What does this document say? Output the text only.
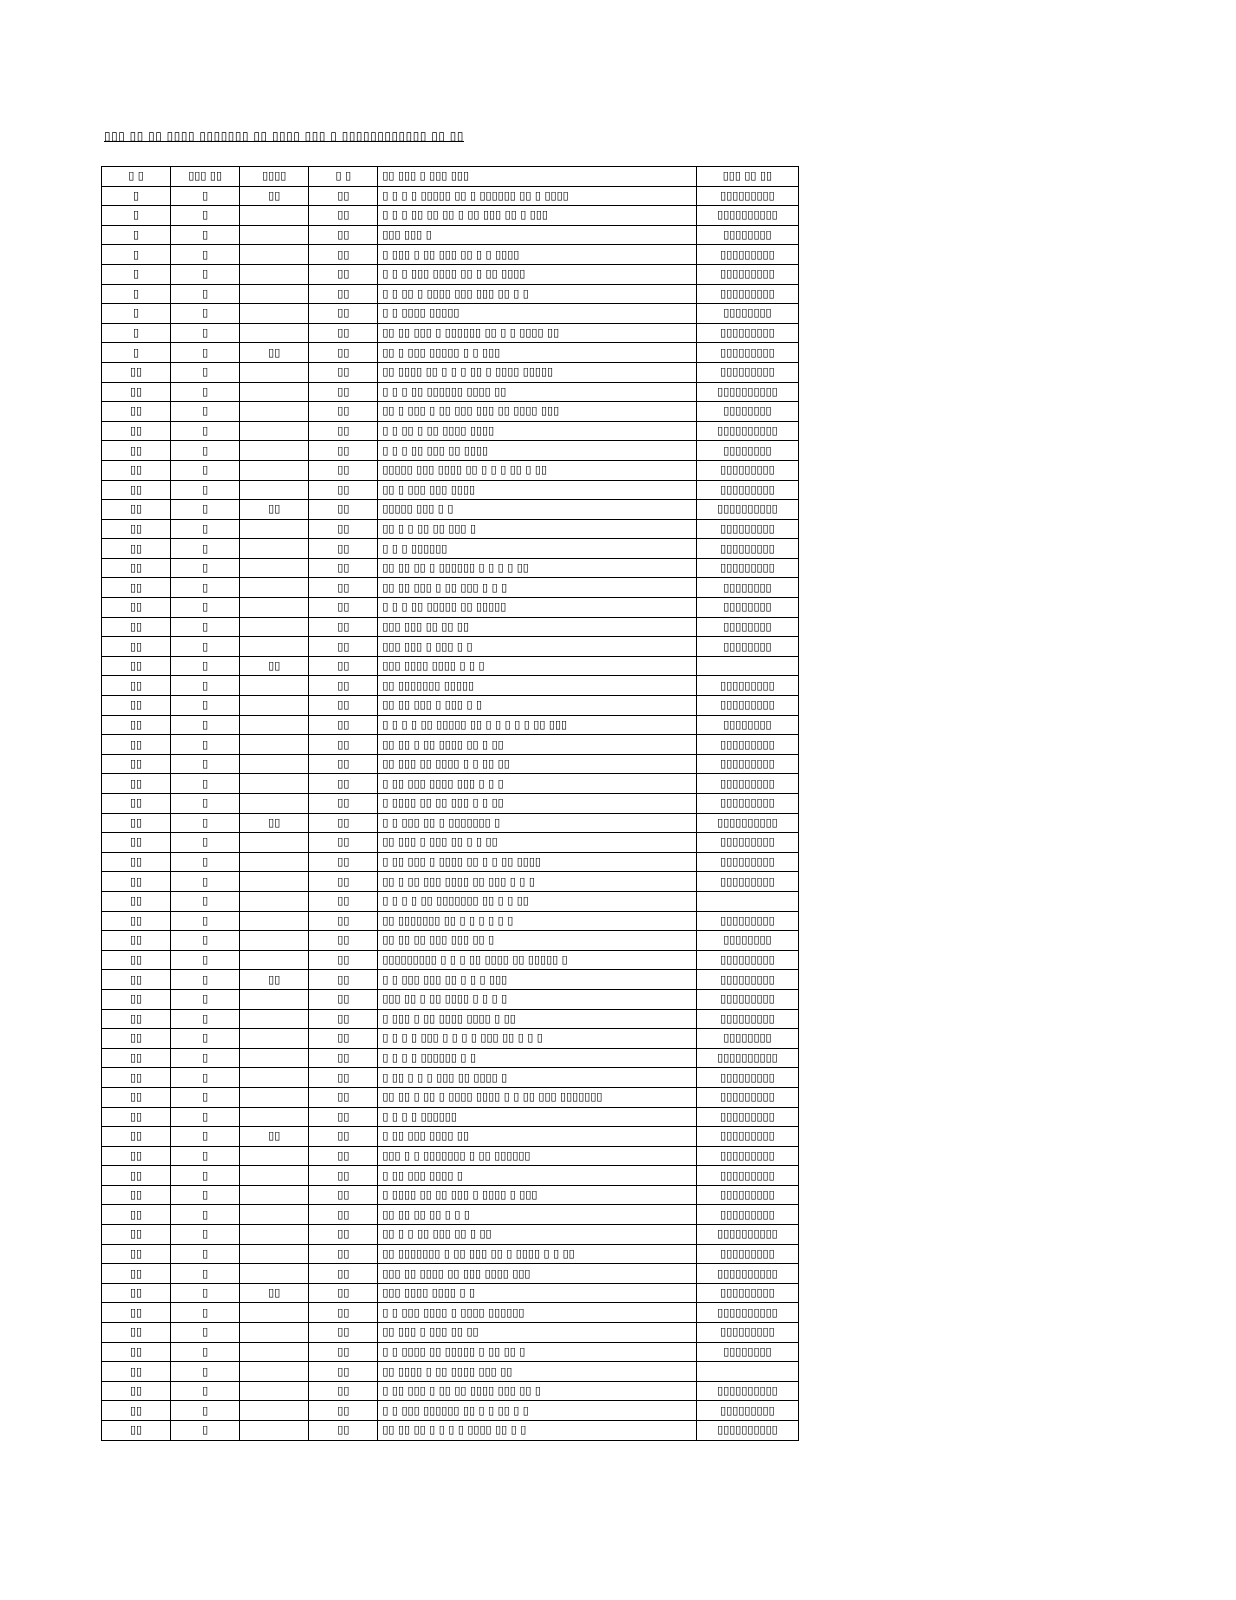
▯▯▯ ▯▯ ▯▯ ▯▯▯▯ ▯▯▯▯▯▯▯ ▯▯ ▯▯▯▯ ▯▯▯ ▯ ▯▯▯▯▯▯▯▯▯▯▯▯ ▯▯ ▯▯
▯ ▯	▯▯▯ ▯▯	▯▯▯▯	▯ ▯	▯▯ ▯▯▯ ▯ ▯▯▯ ▯▯▯	▯▯▯ ▯▯ ▯▯
▯	▯	▯▯	▯▯	▯ ▯ ▯ ▯ ▯▯▯▯▯ ▯▯ ▯ ▯▯▯▯▯▯ ▯▯ ▯ ▯▯▯▯	▯▯▯▯▯▯▯▯▯
▯	▯		▯▯	▯ ▯ ▯ ▯▯ ▯▯ ▯▯ ▯ ▯▯ ▯▯▯ ▯▯ ▯ ▯▯▯	▯▯▯▯▯▯▯▯▯▯
▯	▯		▯▯	▯▯▯ ▯▯▯ ▯	▯▯▯▯▯▯▯▯
▯	▯		▯▯	▯ ▯▯▯ ▯ ▯▯ ▯▯▯ ▯▯ ▯ ▯ ▯▯▯▯	▯▯▯▯▯▯▯▯▯
▯	▯		▯▯	▯ ▯ ▯ ▯▯▯ ▯▯▯▯ ▯▯ ▯ ▯▯ ▯▯▯▯	▯▯▯▯▯▯▯▯▯
▯	▯		▯▯	▯ ▯ ▯▯ ▯ ▯▯▯▯ ▯▯▯ ▯▯▯ ▯▯ ▯ ▯	▯▯▯▯▯▯▯▯▯
▯	▯		▯▯	▯ ▯ ▯▯▯▯ ▯▯▯▯▯	▯▯▯▯▯▯▯▯
▯	▯		▯▯	▯▯ ▯▯ ▯▯▯ ▯ ▯▯▯▯▯▯ ▯▯ ▯ ▯ ▯▯▯▯ ▯▯	▯▯▯▯▯▯▯▯▯
▯	▯	▯▯	▯▯	▯▯ ▯ ▯▯▯ ▯▯▯▯▯ ▯ ▯ ▯▯▯	▯▯▯▯▯▯▯▯▯
▯▯	▯		▯▯	▯▯ ▯▯▯▯ ▯▯ ▯ ▯ ▯ ▯▯ ▯ ▯▯▯▯ ▯▯▯▯▯	▯▯▯▯▯▯▯▯▯
▯▯	▯		▯▯	▯ ▯ ▯ ▯▯ ▯▯▯▯▯▯ ▯▯▯▯ ▯▯	▯▯▯▯▯▯▯▯▯▯
▯▯	▯		▯▯	▯▯ ▯ ▯▯▯ ▯ ▯▯ ▯▯▯ ▯▯▯ ▯▯ ▯▯▯▯ ▯▯▯	▯▯▯▯▯▯▯▯
▯▯	▯		▯▯	▯ ▯ ▯▯ ▯ ▯▯ ▯▯▯▯ ▯▯▯▯	▯▯▯▯▯▯▯▯▯▯
▯▯	▯		▯▯	▯ ▯ ▯ ▯▯ ▯▯▯ ▯▯ ▯▯▯▯	▯▯▯▯▯▯▯▯
▯▯	▯		▯▯	▯▯▯▯▯ ▯▯▯ ▯▯▯▯ ▯▯ ▯ ▯ ▯ ▯▯ ▯ ▯▯	▯▯▯▯▯▯▯▯▯
▯▯	▯		▯▯	▯▯ ▯ ▯▯▯ ▯▯▯ ▯▯▯▯	▯▯▯▯▯▯▯▯▯
▯▯	▯	▯▯	▯▯	▯▯▯▯▯ ▯▯▯ ▯ ▯	▯▯▯▯▯▯▯▯▯▯
▯▯	▯		▯▯	▯▯ ▯ ▯ ▯▯ ▯▯ ▯▯▯ ▯	▯▯▯▯▯▯▯▯▯
▯▯	▯		▯▯	▯ ▯ ▯ ▯▯▯▯▯▯	▯▯▯▯▯▯▯▯▯
▯▯	▯		▯▯	▯▯ ▯▯ ▯▯ ▯ ▯▯▯▯▯▯ ▯ ▯ ▯ ▯ ▯▯	▯▯▯▯▯▯▯▯▯
▯▯	▯		▯▯	▯▯ ▯▯ ▯▯▯ ▯ ▯▯ ▯▯▯ ▯ ▯ ▯	▯▯▯▯▯▯▯▯
▯▯	▯		▯▯	▯ ▯ ▯ ▯▯ ▯▯▯▯▯ ▯▯ ▯▯▯▯▯	▯▯▯▯▯▯▯▯
▯▯	▯		▯▯	▯▯▯ ▯▯▯ ▯▯ ▯▯ ▯▯	▯▯▯▯▯▯▯▯
▯▯	▯		▯▯	▯▯▯ ▯▯▯ ▯ ▯▯▯ ▯ ▯	▯▯▯▯▯▯▯▯
▯▯	▯	▯▯	▯▯	▯▯▯ ▯▯▯▯ ▯▯▯▯ ▯ ▯ ▯	
▯▯	▯		▯▯	▯▯ ▯▯▯▯▯▯▯ ▯▯▯▯▯	▯▯▯▯▯▯▯▯▯
▯▯	▯		▯▯	▯▯ ▯▯ ▯▯▯ ▯ ▯▯▯ ▯ ▯	▯▯▯▯▯▯▯▯▯
▯▯	▯		▯▯	▯ ▯ ▯ ▯ ▯▯ ▯▯▯▯▯ ▯▯ ▯ ▯ ▯ ▯ ▯ ▯▯ ▯▯▯	▯▯▯▯▯▯▯▯
▯▯	▯		▯▯	▯▯ ▯▯ ▯ ▯▯ ▯▯▯▯ ▯▯ ▯ ▯▯	▯▯▯▯▯▯▯▯▯
▯▯	▯		▯▯	▯▯ ▯▯▯ ▯▯ ▯▯▯▯ ▯ ▯ ▯▯ ▯▯	▯▯▯▯▯▯▯▯▯
▯▯	▯		▯▯	▯ ▯▯ ▯▯▯ ▯▯▯▯ ▯▯▯ ▯ ▯ ▯	▯▯▯▯▯▯▯▯▯
▯▯	▯		▯▯	▯ ▯▯▯▯ ▯▯ ▯▯ ▯▯▯ ▯ ▯ ▯▯	▯▯▯▯▯▯▯▯▯
▯▯	▯	▯▯	▯▯	▯ ▯ ▯▯▯ ▯▯ ▯ ▯▯▯▯▯▯▯ ▯	▯▯▯▯▯▯▯▯▯▯
▯▯	▯		▯▯	▯▯ ▯▯▯ ▯ ▯▯▯ ▯▯ ▯ ▯ ▯▯	▯▯▯▯▯▯▯▯▯
▯▯	▯		▯▯	▯ ▯▯ ▯▯▯ ▯ ▯▯▯▯ ▯▯ ▯ ▯ ▯▯ ▯▯▯▯	▯▯▯▯▯▯▯▯▯
▯▯	▯		▯▯	▯▯ ▯ ▯▯ ▯▯▯ ▯▯▯▯ ▯▯ ▯▯▯ ▯ ▯ ▯	▯▯▯▯▯▯▯▯▯
▯▯	▯		▯▯	▯ ▯ ▯ ▯ ▯▯ ▯▯▯▯▯▯▯ ▯▯ ▯ ▯ ▯▯	
▯▯	▯		▯▯	▯▯ ▯▯▯▯▯▯▯ ▯▯ ▯ ▯ ▯ ▯ ▯ ▯	▯▯▯▯▯▯▯▯▯
▯▯	▯		▯▯	▯▯ ▯▯ ▯▯ ▯▯▯ ▯▯▯ ▯▯ ▯	▯▯▯▯▯▯▯▯
▯▯	▯		▯▯	▯▯▯▯▯▯▯▯▯ ▯ ▯ ▯ ▯▯ ▯▯▯▯ ▯▯ ▯▯▯▯▯ ▯	▯▯▯▯▯▯▯▯▯
▯▯	▯	▯▯	▯▯	▯ ▯ ▯▯▯ ▯▯▯ ▯▯ ▯ ▯ ▯ ▯▯▯	▯▯▯▯▯▯▯▯▯
▯▯	▯		▯▯	▯▯▯ ▯▯ ▯ ▯▯ ▯▯▯▯ ▯ ▯ ▯ ▯	▯▯▯▯▯▯▯▯▯
▯▯	▯		▯▯	▯ ▯▯▯ ▯ ▯▯ ▯▯▯▯ ▯▯▯▯ ▯ ▯▯	▯▯▯▯▯▯▯▯▯
▯▯	▯		▯▯	▯ ▯ ▯ ▯ ▯▯▯ ▯ ▯ ▯ ▯ ▯▯▯ ▯▯ ▯ ▯ ▯	▯▯▯▯▯▯▯▯
▯▯	▯		▯▯	▯ ▯ ▯ ▯ ▯▯▯▯▯▯ ▯ ▯	▯▯▯▯▯▯▯▯▯▯
▯▯	▯		▯▯	▯ ▯▯ ▯ ▯ ▯ ▯▯▯ ▯▯ ▯▯▯▯ ▯	▯▯▯▯▯▯▯▯▯
▯▯	▯		▯▯	▯▯ ▯▯ ▯ ▯▯ ▯ ▯▯▯▯ ▯▯▯▯ ▯ ▯ ▯▯ ▯▯▯ ▯▯▯▯▯▯▯	▯▯▯▯▯▯▯▯▯
▯▯	▯		▯▯	▯ ▯ ▯ ▯ ▯▯▯▯▯▯	▯▯▯▯▯▯▯▯▯
▯▯	▯	▯▯	▯▯	▯ ▯▯ ▯▯▯ ▯▯▯▯ ▯▯	▯▯▯▯▯▯▯▯▯
▯▯	▯		▯▯	▯▯▯ ▯ ▯ ▯▯▯▯▯▯▯ ▯ ▯▯ ▯▯▯▯▯▯	▯▯▯▯▯▯▯▯▯
▯▯	▯		▯▯	▯ ▯▯ ▯▯▯ ▯▯▯▯ ▯	▯▯▯▯▯▯▯▯▯
▯▯	▯		▯▯	▯ ▯▯▯▯ ▯▯ ▯▯ ▯▯▯ ▯ ▯▯▯▯ ▯ ▯▯▯	▯▯▯▯▯▯▯▯▯
▯▯	▯		▯▯	▯▯ ▯▯ ▯▯ ▯▯ ▯ ▯ ▯	▯▯▯▯▯▯▯▯▯
▯▯	▯		▯▯	▯▯ ▯ ▯ ▯▯ ▯▯▯ ▯▯ ▯ ▯▯	▯▯▯▯▯▯▯▯▯▯
▯▯	▯		▯▯	▯▯ ▯▯▯▯▯▯▯ ▯ ▯▯ ▯▯▯ ▯▯ ▯ ▯▯▯▯ ▯ ▯ ▯▯	▯▯▯▯▯▯▯▯▯
▯▯	▯		▯▯	▯▯▯ ▯▯ ▯▯▯▯ ▯▯ ▯▯▯ ▯▯▯▯ ▯▯▯	▯▯▯▯▯▯▯▯▯▯
▯▯	▯	▯▯	▯▯	▯▯▯ ▯▯▯▯ ▯▯▯▯ ▯ ▯	▯▯▯▯▯▯▯▯▯
▯▯	▯		▯▯	▯ ▯ ▯▯▯ ▯▯▯▯ ▯ ▯▯▯▯ ▯▯▯▯▯▯	▯▯▯▯▯▯▯▯▯▯
▯▯	▯		▯▯	▯▯ ▯▯▯ ▯ ▯▯▯ ▯▯ ▯▯	▯▯▯▯▯▯▯▯▯
▯▯	▯		▯▯	▯ ▯ ▯▯▯▯ ▯▯ ▯▯▯▯▯ ▯ ▯▯ ▯▯ ▯	▯▯▯▯▯▯▯▯
▯▯	▯		▯▯	▯▯ ▯▯▯▯ ▯ ▯▯ ▯▯▯▯ ▯▯▯ ▯▯	
▯▯	▯		▯▯	▯ ▯▯ ▯▯▯ ▯ ▯▯ ▯▯ ▯▯▯▯ ▯▯▯ ▯▯ ▯	▯▯▯▯▯▯▯▯▯▯
▯▯	▯		▯▯	▯ ▯ ▯▯▯ ▯▯▯▯▯▯ ▯▯ ▯ ▯ ▯▯ ▯ ▯	▯▯▯▯▯▯▯▯▯
▯▯	▯		▯▯	▯▯ ▯▯ ▯▯ ▯ ▯ ▯ ▯ ▯▯▯▯ ▯▯ ▯ ▯	▯▯▯▯▯▯▯▯▯▯
